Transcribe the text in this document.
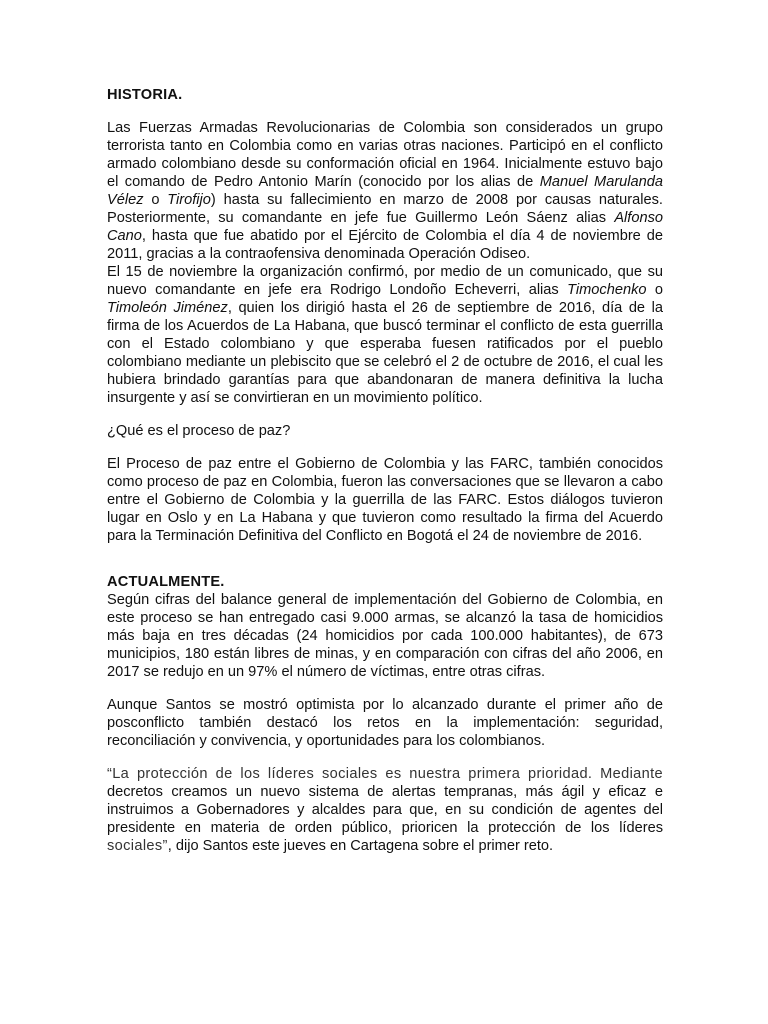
HISTORIA.

Las Fuerzas Armadas Revolucionarias de Colombia son considerados un grupo terrorista tanto en Colombia como en varias otras naciones. Participó en el conflicto armado colombiano desde su conformación oficial en 1964. Inicialmente estuvo bajo el comando de Pedro Antonio Marín (conocido por los alias de Manuel Marulanda Vélez o Tirofijo) hasta su fallecimiento en marzo de 2008 por causas naturales. Posteriormente, su comandante en jefe fue Guillermo León Sáenz alias Alfonso Cano, hasta que fue abatido por el Ejército de Colombia el día 4 de noviembre de 2011, gracias a la contraofensiva denominada Operación Odiseo.

El 15 de noviembre la organización confirmó, por medio de un comunicado, que su nuevo comandante en jefe era Rodrigo Londoño Echeverri, alias Timochenko o Timoleón Jiménez, quien los dirigió hasta el 26 de septiembre de 2016, día de la firma de los Acuerdos de La Habana, que buscó terminar el conflicto de esta guerrilla con el Estado colombiano y que esperaba fuesen ratificados por el pueblo colombiano mediante un plebiscito que se celebró el 2 de octubre de 2016, el cual les hubiera brindado garantías para que abandonaran de manera definitiva la lucha insurgente y así se convirtieran en un movimiento político.

¿Qué es el proceso de paz?

El Proceso de paz entre el Gobierno de Colombia y las FARC, también conocidos como proceso de paz en Colombia, fueron las conversaciones que se llevaron a cabo entre el Gobierno de Colombia y la guerrilla de las FARC. Estos diálogos tuvieron lugar en Oslo y en La Habana y que tuvieron como resultado la firma del Acuerdo para la Terminación Definitiva del Conflicto en Bogotá el 24 de noviembre de 2016.

ACTUALMENTE.

Según cifras del balance general de implementación del Gobierno de Colombia, en este proceso se han entregado casi 9.000 armas, se alcanzó la tasa de homicidios más baja en tres décadas (24 homicidios por cada 100.000 habitantes), de 673 municipios, 180 están libres de minas, y en comparación con cifras del año 2006, en 2017 se redujo en un 97% el número de víctimas, entre otras cifras.

Aunque Santos se mostró optimista por lo alcanzado durante el primer año de posconflicto también destacó los retos en la implementación: seguridad, reconciliación y convivencia, y oportunidades para los colombianos.

“La protección de los líderes sociales es nuestra primera prioridad. Mediante decretos creamos un nuevo sistema de alertas tempranas, más ágil y eficaz e instruimos a Gobernadores y alcaldes para que, en su condición de agentes del presidente en materia de orden público, prioricen la protección de los líderes sociales”, dijo Santos este jueves en Cartagena sobre el primer reto.
